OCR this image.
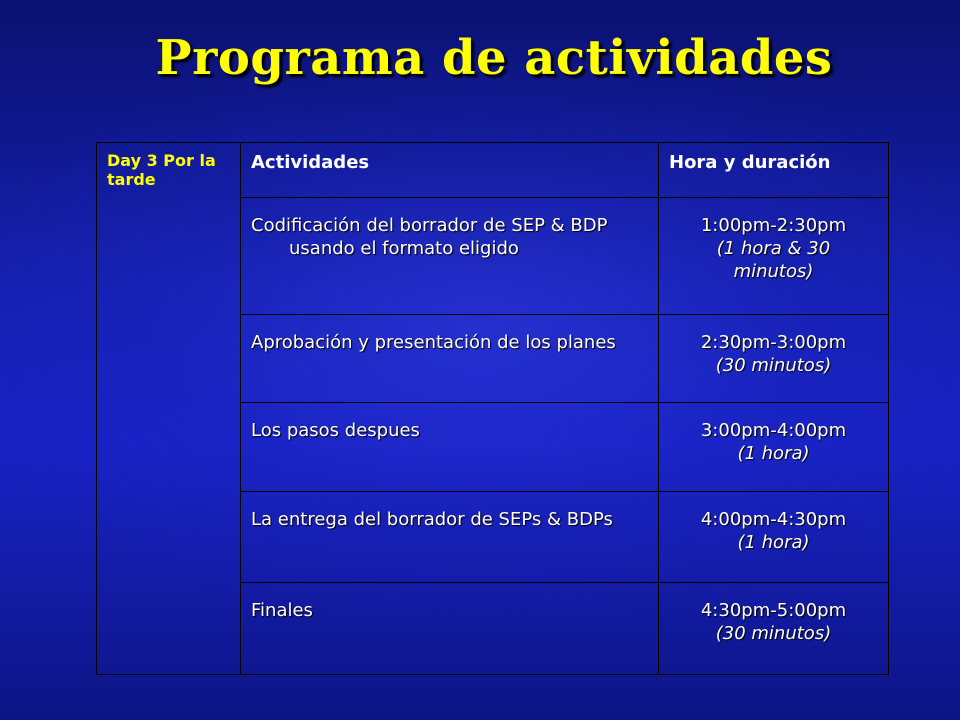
Programa de actividades
Day 3 Por la tarde	Actividades	Hora y duración

	Codificación del borrador de SEP & BDP usando el formato eligido	1:00pm-2:30pm
(1 hora & 30 minutos)

	Aprobación y presentación de los planes	2:30pm-3:00pm
(30 minutos)

	Los pasos despues	3:00pm-4:00pm
(1 hora)

	La entrega del borrador de SEPs & BDPs	4:00pm-4:30pm
(1 hora)

	Finales	4:30pm-5:00pm
(30 minutos)
